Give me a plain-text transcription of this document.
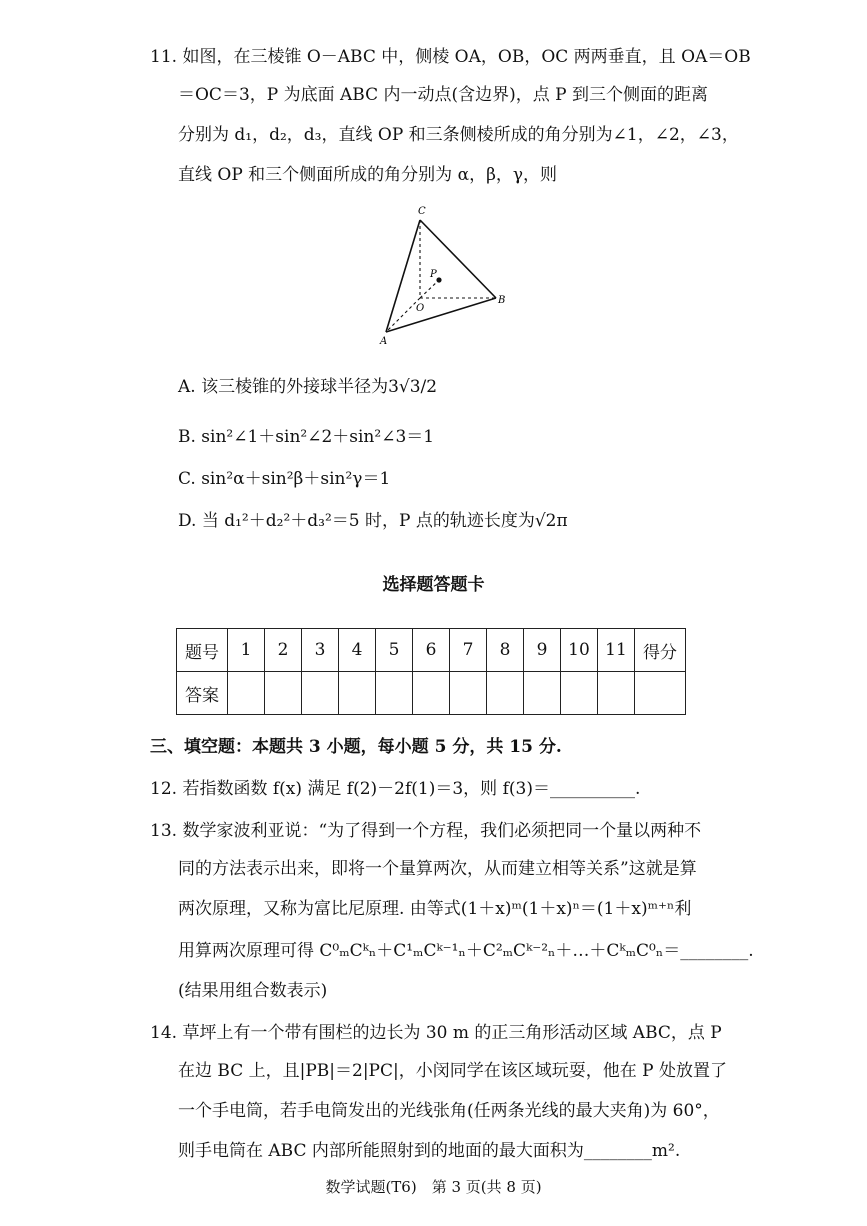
11. 如图，在三棱锥 O－ABC 中，侧棱 OA，OB，OC 两两垂直，且 OA＝OB
＝OC＝3，P 为底面 ABC 内一动点(含边界)，点 P 到三个侧面的距离
分别为 d₁，d₂，d₃，直线 OP 和三条侧棱所成的角分别为∠1，∠2，∠3，
直线 OP 和三个侧面所成的角分别为 α，β，γ，则
C
P
O
B
A
A. 该三棱锥的外接球半径为3√3/2
B. sin²∠1＋sin²∠2＋sin²∠3＝1
C. sin²α＋sin²β＋sin²γ＝1
D. 当 d₁²＋d₂²＋d₃²＝5 时，P 点的轨迹长度为√2π
选择题答题卡
题号	1	2	3	4	5	6	7	8	9	10	11	得分
答案												
三、填空题：本题共 3 小题，每小题 5 分，共 15 分.
12. 若指数函数 f(x) 满足 f(2)－2f(1)＝3，则 f(3)＝__________.
13. 数学家波利亚说：“为了得到一个方程，我们必须把同一个量以两种不
同的方法表示出来，即将一个量算两次，从而建立相等关系”这就是算
两次原理，又称为富比尼原理. 由等式(1＋x)ᵐ(1＋x)ⁿ＝(1＋x)ᵐ⁺ⁿ利
用算两次原理可得 C⁰ₘCᵏₙ＋C¹ₘCᵏ⁻¹ₙ＋C²ₘCᵏ⁻²ₙ＋…＋CᵏₘC⁰ₙ＝________.
(结果用组合数表示)
14. 草坪上有一个带有围栏的边长为 30 m 的正三角形活动区域 ABC，点 P
在边 BC 上，且|PB|＝2|PC|，小闵同学在该区域玩耍，他在 P 处放置了
一个手电筒，若手电筒发出的光线张角(任两条光线的最大夹角)为 60°，
则手电筒在 ABC 内部所能照射到的地面的最大面积为________m².
数学试题(T6)　第 3 页(共 8 页)
